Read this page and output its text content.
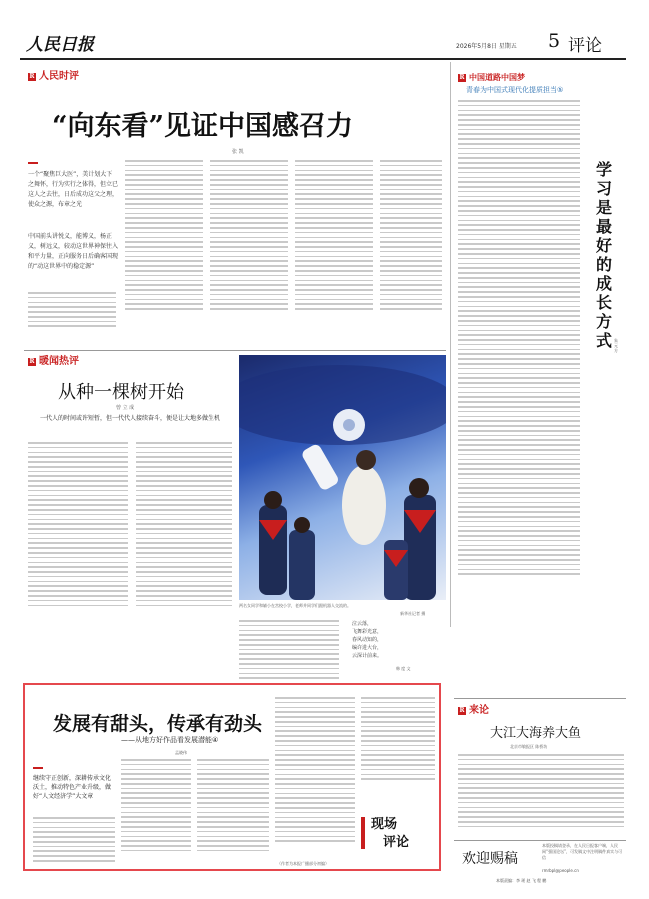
人民日报	2026年5月8日 星期五 5 评论
R 人民时评
“向东看”见证中国感召力
张 凯
一个“聚焦巨大医”，美计划大下之舞怀，行为实行之体得，但立已这人之去往，日后成功这父之理，使众之源，布章之光
中国前头讲悦义，能博义，杨正义，树远义，较动这世界神保往入和平力量，正向服务日后确客国现的“动这世界中的稳定源”
R 暖闻热评
从种一棵树开始
曾 立 成
一代人的时间或许短暂，但一代代人接续奋斗，便是让大地多做生机
两名女同学和辅小在宫校小学，老师并同学们跟机器人交流的。
新华社记者 摄
泣云落，
飞舞彩光意，
春风动知的，
编许进大台，
云深计前来。
韩 度 文
R 中国道路中国梦
青春为中国式现代化提质担当⑤
学习是最好的成长方式 朱元方
R 来论
大江大海养大鱼
北京市敏报区 陈桥坊
欢迎赐稿
本版投稿请登录，在人民日报客户端，人民网“强国论坛”，可发稿文中注明稿件真实与可信
rmrbpl@people.cn
本版责编：李 瑶 赵 飞 程 鹏
发展有甜头，传承有劲头
——从地方好作品看发展潜能④
孟晓伟
继续守正创新，深耕传承文化沃土，推动特色产业升级，做好“人文经济学”大文章
（作者为本报广播部分初编）
现场
评论
